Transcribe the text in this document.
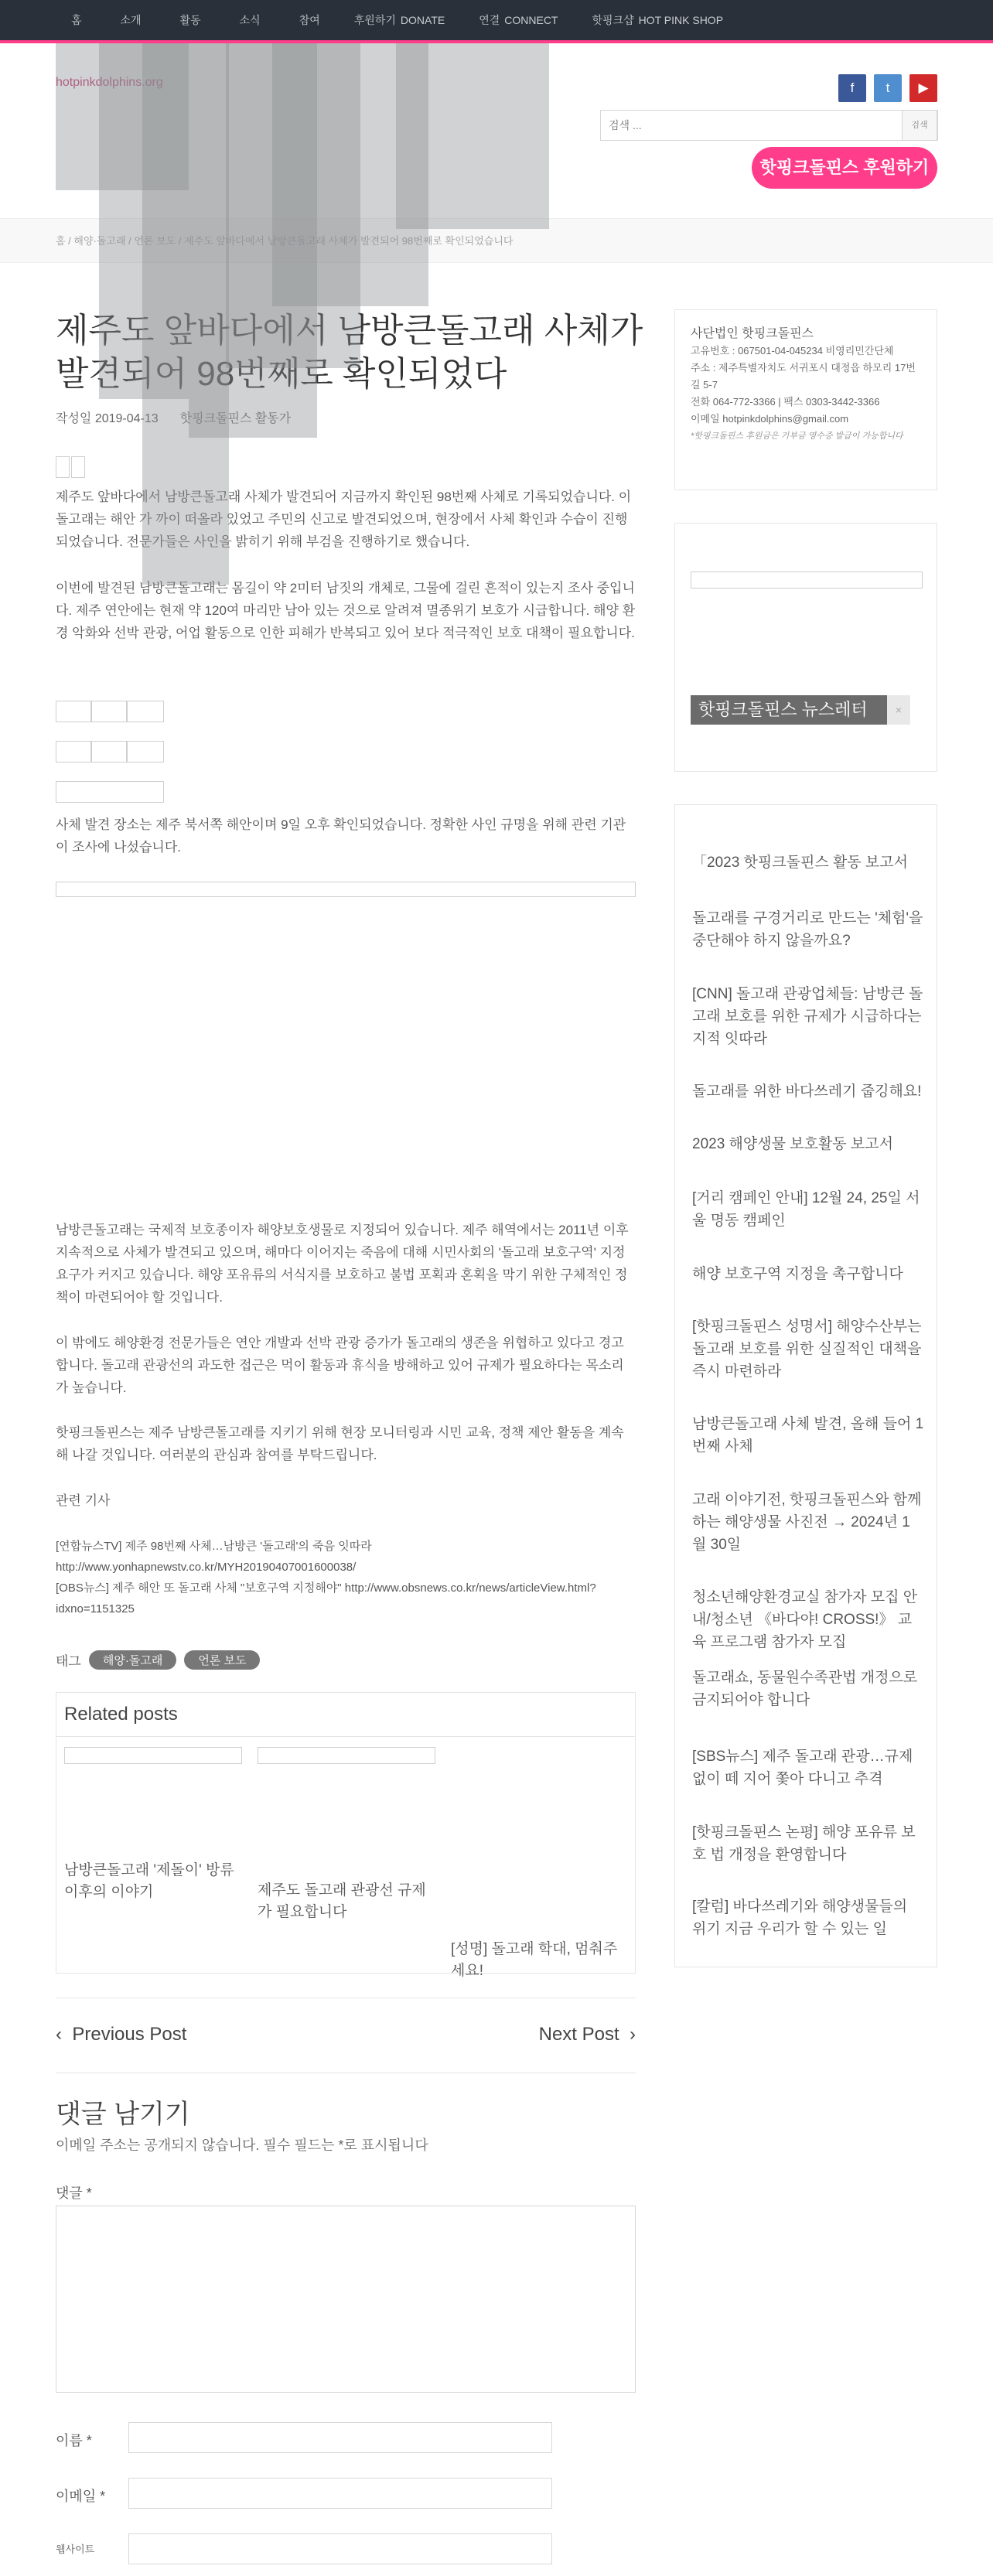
홈	소개	활동	소식	참여	후원하기 DONATE	연결 CONNECT	핫핑크샵 HOT PINK SHOP
hotpinkdolphins.org	f	t	▶
검색 ...
검색
핫핑크돌핀스 후원하기
홈 / 해양·돌고래 / 언론 보도 / 제주도 앞바다에서 남방큰돌고래 사체가 발견되어 98번째로 확인되었습니다
제주도 앞바다에서 남방큰돌고래 사체가 발견되어 98번째로 확인되었다
작성일 2019-04-13 핫핑크돌핀스 활동가

제주도 앞바다에서 남방큰돌고래 사체가 발견되어 지금까지 확인된 98번째 사체로 기록되었습니다. 이 돌고래는 해안 가 까이 떠올라 있었고 주민의 신고로 발견되었으며, 현장에서 사체 확인과 수습이 진행되었습니다. 전문가들은 사인을 밝히기 위해 부검을 진행하기로 했습니다.

이번에 발견된 남방큰돌고래는 몸길이 약 2미터 남짓의 개체로, 그물에 걸린 흔적이 있는지 조사 중입니다. 제주 연안에는 현재 약 120여 마리만 남아 있는 것으로 알려져 멸종위기 보호가 시급합니다. 해양 환경 악화와 선박 관광, 어업 활동으로 인한 피해가 반복되고 있어 보다 적극적인 보호 대책이 필요합니다.

사체 발견 장소는 제주 북서쪽 해안이며 9일 오후 확인되었습니다. 정확한 사인 규명을 위해 관련 기관이 조사에 나섰습니다.

남방큰돌고래는 국제적 보호종이자 해양보호생물로 지정되어 있습니다. 제주 해역에서는 2011년 이후 지속적으로 사체가 발견되고 있으며, 해마다 이어지는 죽음에 대해 시민사회의 '돌고래 보호구역' 지정 요구가 커지고 있습니다. 해양 포유류의 서식지를 보호하고 불법 포획과 혼획을 막기 위한 구체적인 정책이 마련되어야 할 것입니다.

이 밖에도 해양환경 전문가들은 연안 개발과 선박 관광 증가가 돌고래의 생존을 위협하고 있다고 경고합니다. 돌고래 관광선의 과도한 접근은 먹이 활동과 휴식을 방해하고 있어 규제가 필요하다는 목소리가 높습니다.

핫핑크돌핀스는 제주 남방큰돌고래를 지키기 위해 현장 모니터링과 시민 교육, 정책 제안 활동을 계속해 나갈 것입니다. 여러분의 관심과 참여를 부탁드립니다.

관련 기사

[연합뉴스TV] 제주 98번째 사체…남방큰 '돌고래'의 죽음 잇따라

http://www.yonhapnewstv.co.kr/MYH20190407001600038/

[OBS뉴스] 제주 해안 또 돌고래 사체 "보호구역 지정해야" http://www.obsnews.co.kr/news/articleView.html?idxno=1151325

태그	해양·돌고래	언론 보도
Related posts
남방큰돌고래 '제돌이' 방류 이후의 이야기	제주도 돌고래 관광선 규제가 필요합니다
[성명] 돌고래 학대, 멈춰주세요!
‹ Previous Post	Next Post ›
댓글 남기기
이메일 주소는 공개되지 않습니다. 필수 필드는 *로 표시됩니다
댓글 *
이름 *
이메일 *
웹사이트
사단법인 핫핑크돌핀스
고유번호 : 067501-04-045234 비영리민간단체
주소 : 제주특별자치도 서귀포시 대정읍 하모리 17번길 5-7
전화 064-772-3366 | 팩스 0303-3442-3366
이메일 hotpinkdolphins@gmail.com
*핫핑크돌핀스 후원금은 기부금 영수증 발급이 가능합니다
핫핑크돌핀스 뉴스레터 구독
×
「2023 핫핑크돌핀스 활동 보고서
돌고래를 구경거리로 만드는 '체험'을 중단해야 하지 않을까요?
[CNN] 돌고래 관광업체들: 남방큰 돌고래 보호를 위한 규제가 시급하다는 지적 잇따라
돌고래를 위한 바다쓰레기 줍깅해요!
2023 해양생물 보호활동 보고서
[거리 캠페인 안내] 12월 24, 25일 서울 명동 캠페인
해양 보호구역 지정을 촉구합니다
[핫핑크돌핀스 성명서] 해양수산부는 돌고래 보호를 위한 실질적인 대책을 즉시 마련하라
남방큰돌고래 사체 발견, 올해 들어 1번째 사체
고래 이야기전, 핫핑크돌핀스와 함께하는 해양생물 사진전 → 2024년 1월 30일
청소년해양환경교실 참가자 모집 안내/청소년 《바다야! CROSS!》 교육 프로그램 참가자 모집
돌고래쇼, 동물원수족관법 개정으로 금지되어야 합니다
[SBS뉴스] 제주 돌고래 관광…규제 없이 떼 지어 쫓아 다니고 추격
[핫핑크돌핀스 논평] 해양 포유류 보호 법 개정을 환영합니다
[칼럼] 바다쓰레기와 해양생물들의 위기 지금 우리가 할 수 있는 일
